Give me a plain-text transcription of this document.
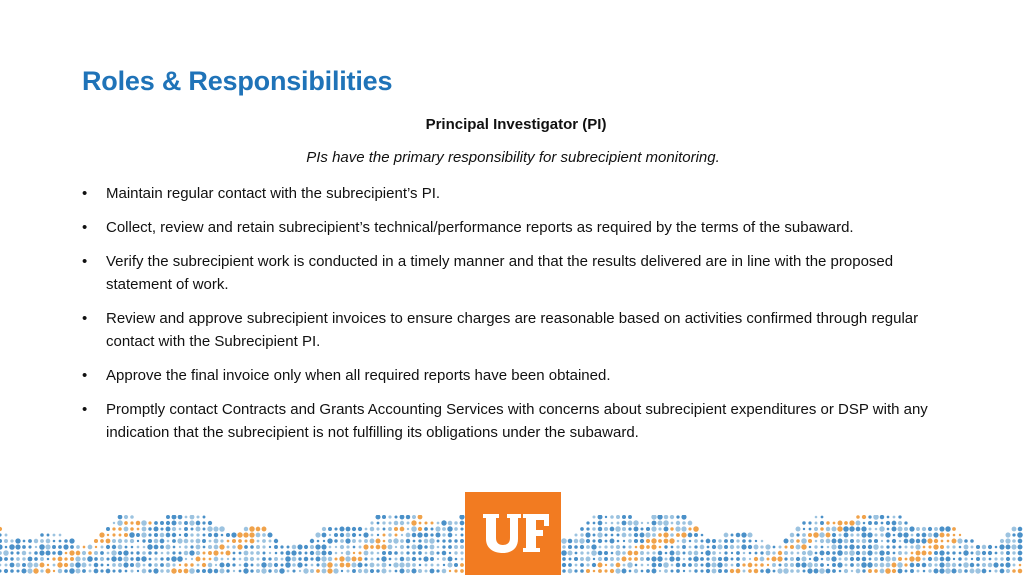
Roles & Responsibilities
Principal Investigator (PI)
PIs have the primary responsibility for subrecipient monitoring.
• Maintain regular contact with the subrecipient’s PI.
• Collect, review and retain subrecipient’s technical/performance reports as required by the terms of the subaward.
• Verify the subrecipient work is conducted in a timely manner and that the results delivered are in line with the proposed statement of work.
• Review and approve subrecipient invoices to ensure charges are reasonable based on activities confirmed through regular contact with the Subrecipient PI.
• Approve the final invoice only when all required reports have been obtained.
• Promptly contact Contracts and Grants Accounting Services with concerns about subrecipient expenditures or DSP with any indication that the subrecipient is not fulfilling its obligations under the subaward.
